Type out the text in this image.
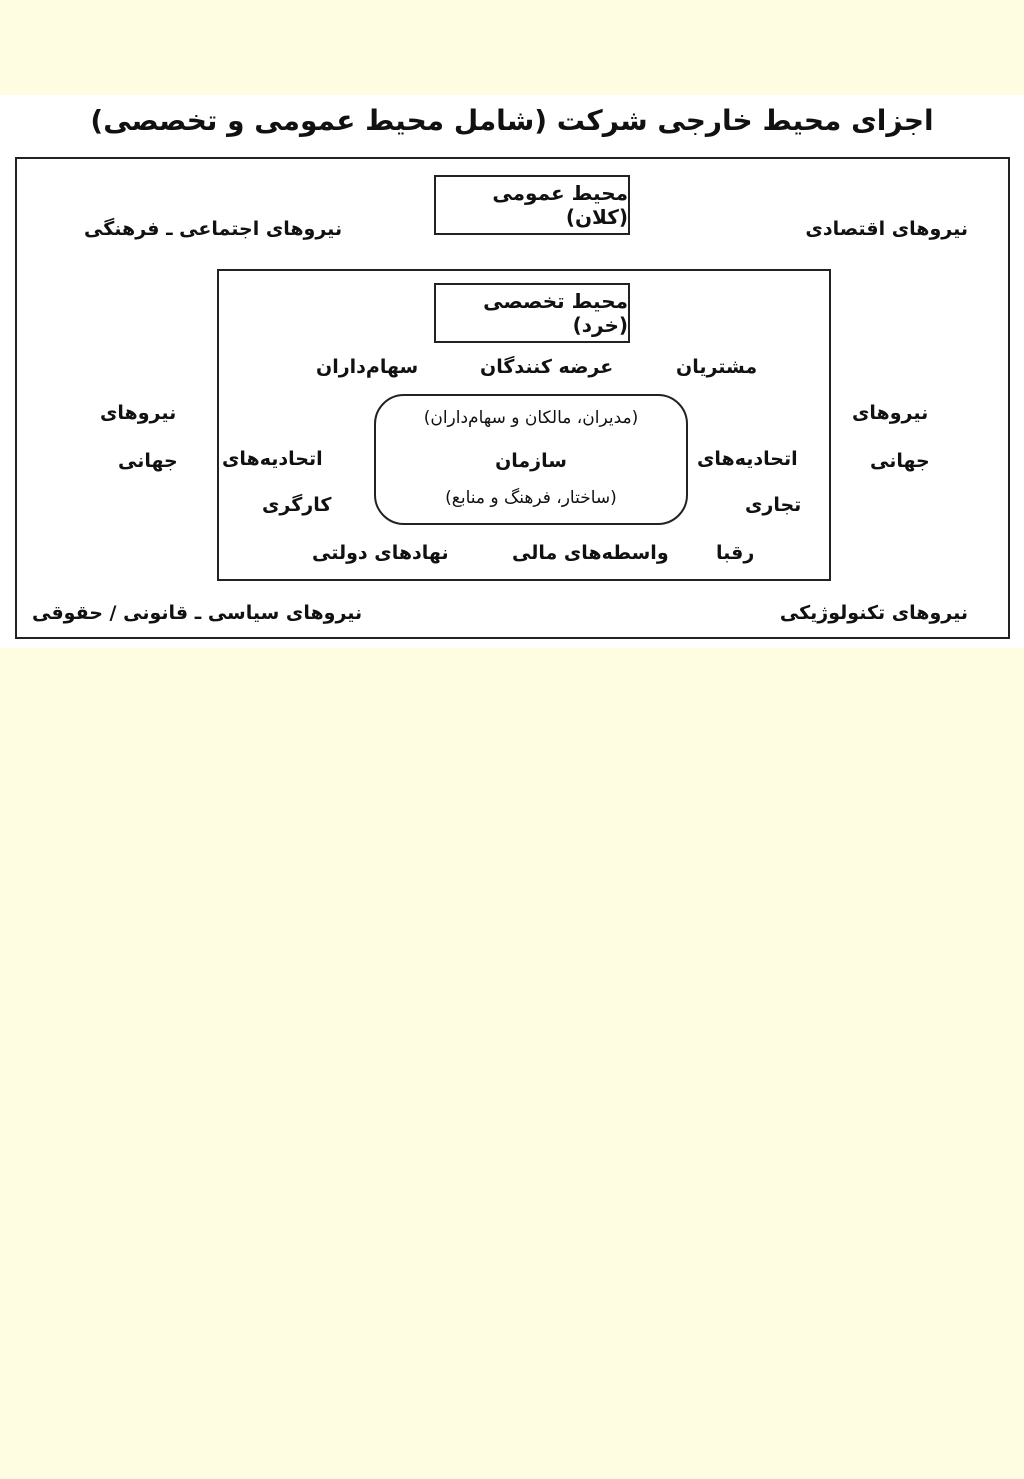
اجزای محیط خارجی شرکت (شامل محیط عمومی و تخصصی)
محیط عمومی (کلان)	نیروهای اقتصادی
نیروهای اجتماعی ـ فرهنگی
نیروهای
جهانی
نیروهای
جهانی
نیروهای تکنولوژیکی
نیروهای سیاسی ـ قانونی / حقوقی
محیط تخصصی (خرد)
مشتریان
عرضه کنندگان
سهام‌داران
اتحادیه‌های
تجاری
اتحادیه‌های
کارگری
رقبا
واسطه‌های مالی
نهادهای دولتی
(مدیران، مالکان و سهام‌داران)
سازمان
(ساختار، فرهنگ و منابع)
